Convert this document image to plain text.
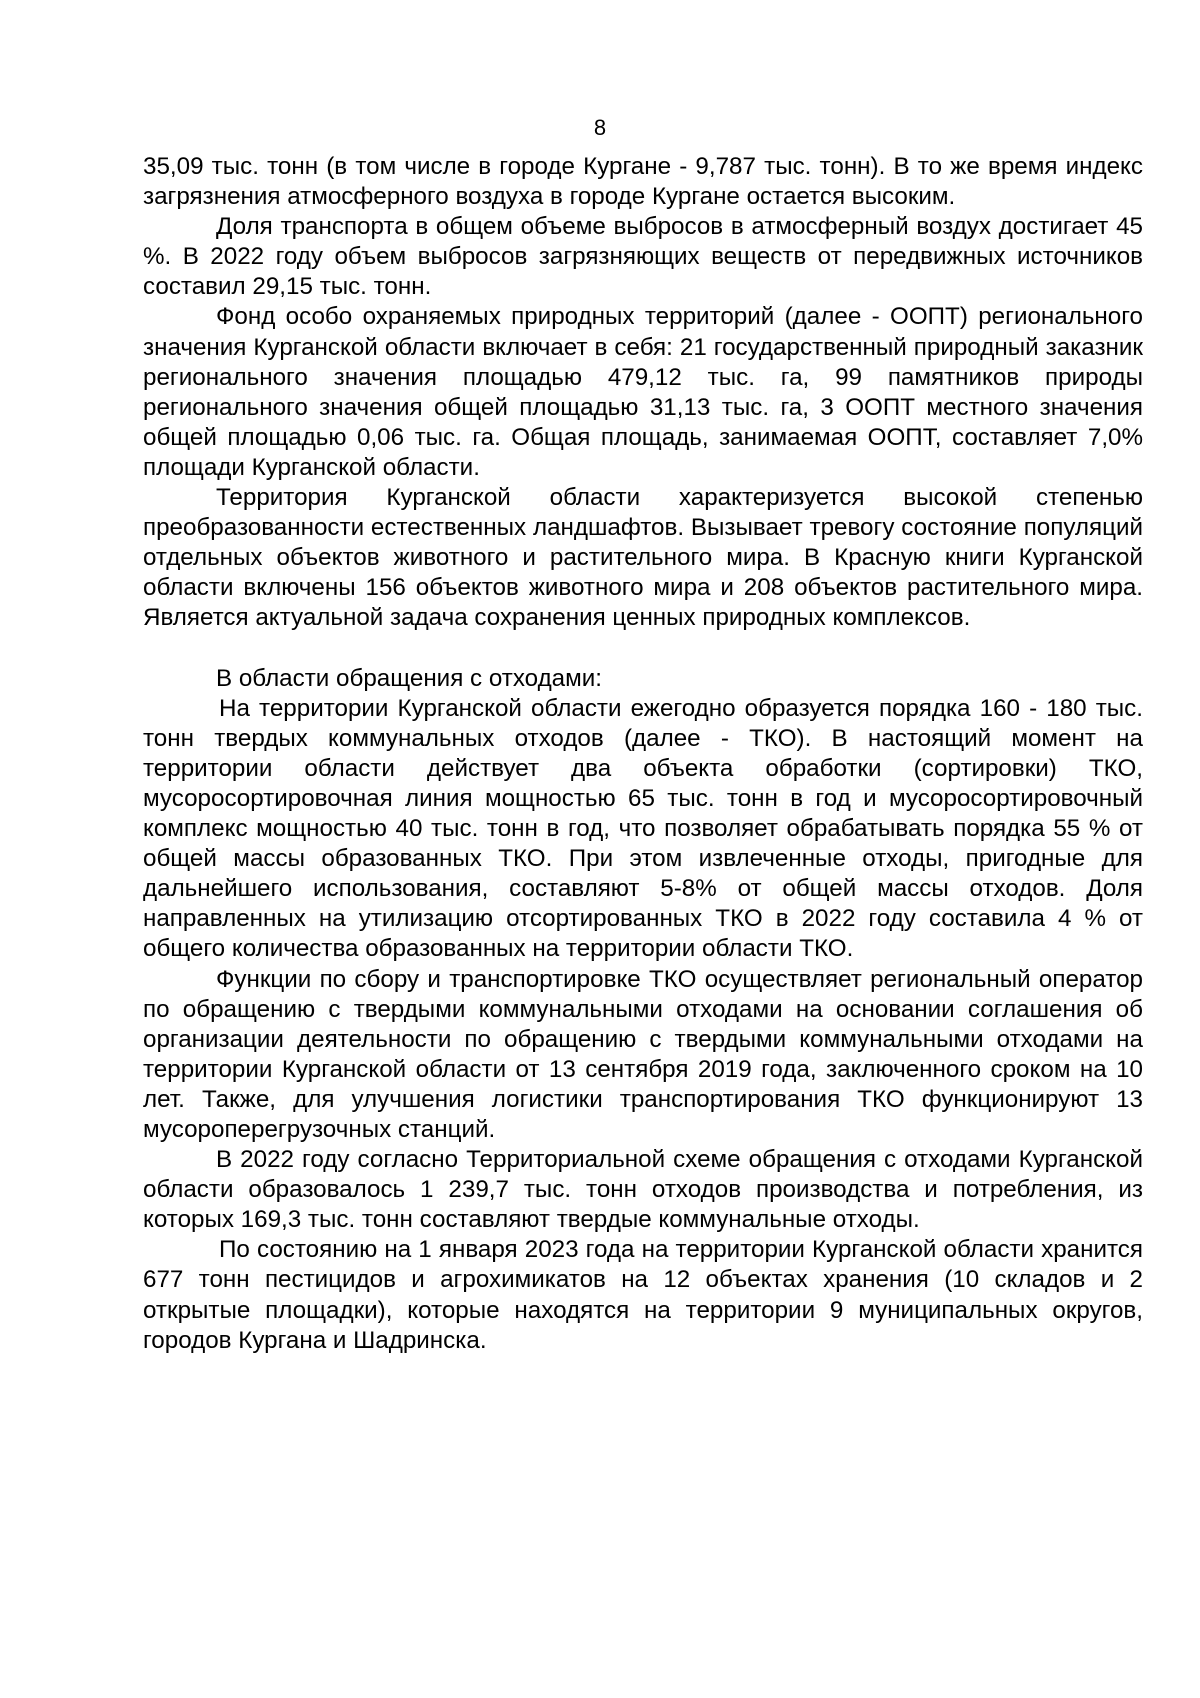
8

35,09 тыс. тонн (в том числе в городе Кургане - 9,787 тыс. тонн). В то же время индекс загрязнения атмосферного воздуха в городе Кургане остается высоким.

Доля транспорта в общем объеме выбросов в атмосферный воздух достигает 45 %. В 2022 году объем выбросов загрязняющих веществ от передвижных источников составил 29,15 тыс. тонн.

Фонд особо охраняемых природных территорий (далее - ООПТ) регионального значения Курганской области включает в себя: 21 государственный природный заказник регионального значения площадью 479,12 тыс. га, 99 памятников природы регионального значения общей площадью 31,13 тыс. га, 3 ООПТ местного значения общей площадью 0,06 тыс. га. Общая площадь, занимаемая ООПТ, составляет 7,0% площади Курганской области.

Территория Курганской области характеризуется высокой степенью преобразованности естественных ландшафтов. Вызывает тревогу состояние популяций отдельных объектов животного и растительного мира. В Красную книги Курганской области включены 156 объектов животного мира и 208 объектов растительного мира. Является актуальной задача сохранения ценных природных комплексов.

В области обращения с отходами:

На территории Курганской области ежегодно образуется порядка 160 - 180 тыс. тонн твердых коммунальных отходов (далее - ТКО). В настоящий момент на территории области действует два объекта обработки (сортировки) ТКО, мусоросортировочная линия мощностью 65 тыс. тонн в год и мусоросортировочный комплекс мощностью 40 тыс. тонн в год, что позволяет обрабатывать порядка 55 % от общей массы образованных ТКО. При этом извлеченные отходы, пригодные для дальнейшего использования, составляют 5-8% от общей массы отходов. Доля направленных на утилизацию отсортированных ТКО в 2022 году составила 4 % от общего количества образованных на территории области ТКО.

Функции по сбору и транспортировке ТКО осуществляет региональный оператор по обращению с твердыми коммунальными отходами на основании соглашения об организации деятельности по обращению с твердыми коммунальными отходами на территории Курганской области от 13 сентября 2019 года, заключенного сроком на 10 лет. Также, для улучшения логистики транспортирования ТКО функционируют 13 мусороперегрузочных станций.

В 2022 году согласно Территориальной схеме обращения с отходами Курганской области образовалось 1 239,7 тыс. тонн отходов производства и потребления, из которых 169,3 тыс. тонн составляют твердые коммунальные отходы.

По состоянию на 1 января 2023 года на территории Курганской области хранится 677 тонн пестицидов и агрохимикатов на 12 объектах хранения (10 складов и 2 открытые площадки), которые находятся на территории 9 муниципальных округов, городов Кургана и Шадринска.
